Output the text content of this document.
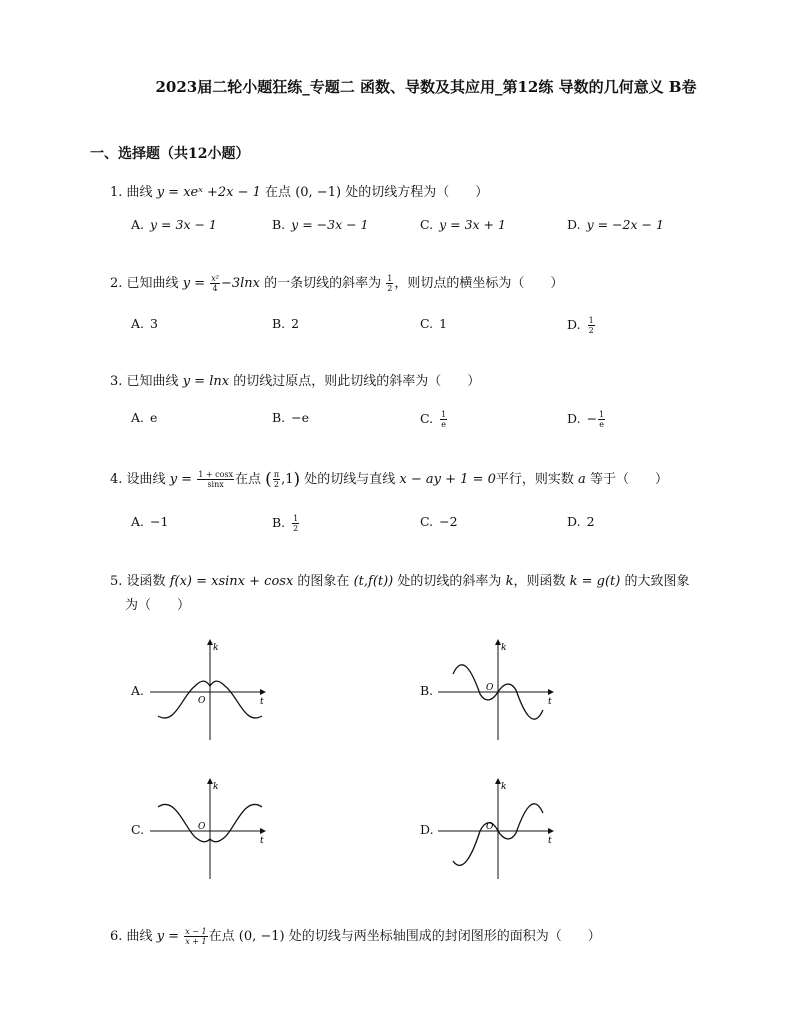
2023届二轮小题狂练_专题二 函数、导数及其应用_第12练 导数的几何意义 B卷
一、选择题（共12小题）
1. 曲线 y = xeˣ +2x − 1 在点 (0, −1) 处的切线方程为（　　）
A. y = 3x − 1	B. y = −3x − 1	C. y = 3x + 1	D. y = −2x − 1
2. 已知曲线 $y = \frac{\text{x²}}{4} -3\ln x$ 的一条切线的斜率为 $\frac{1}{2}$ ，则切点的横坐标为（　　）
A. 3	B. 2	C. 1	D. $\frac{1}{2}$
3. 已知曲线 y = lnx 的切线过原点，则此切线的斜率为（　　）
A. e	B. −e	C. $\frac{1}{e}$	D. − $\frac{1}{e}$
4. 设曲线 $y = \frac{1 + \cos x}{\sin x}$ 在点 ( $\frac{\pi}{2} ,1$) 处的切线与直线 x − ay + 1 = 0平行，则实数 a 等于（　　）
A. −1	B. $\frac{1}{2}$	C. −2	D. 2
5. 设函数 f(x) = xsinx + cosx 的图象在 (t,f(t)) 处的切线的斜率为 k，则函数 k = g(t) 的大致图象
为（　　）
A.	B.
C.	D.
k
t
O
k
t
O
k
t
O
k
t
O
6. 曲线 $y = \frac{x - 1}{x + 1}$ 在点 (0, −1) 处的切线与两坐标轴围成的封闭图形的面积为（　　）
